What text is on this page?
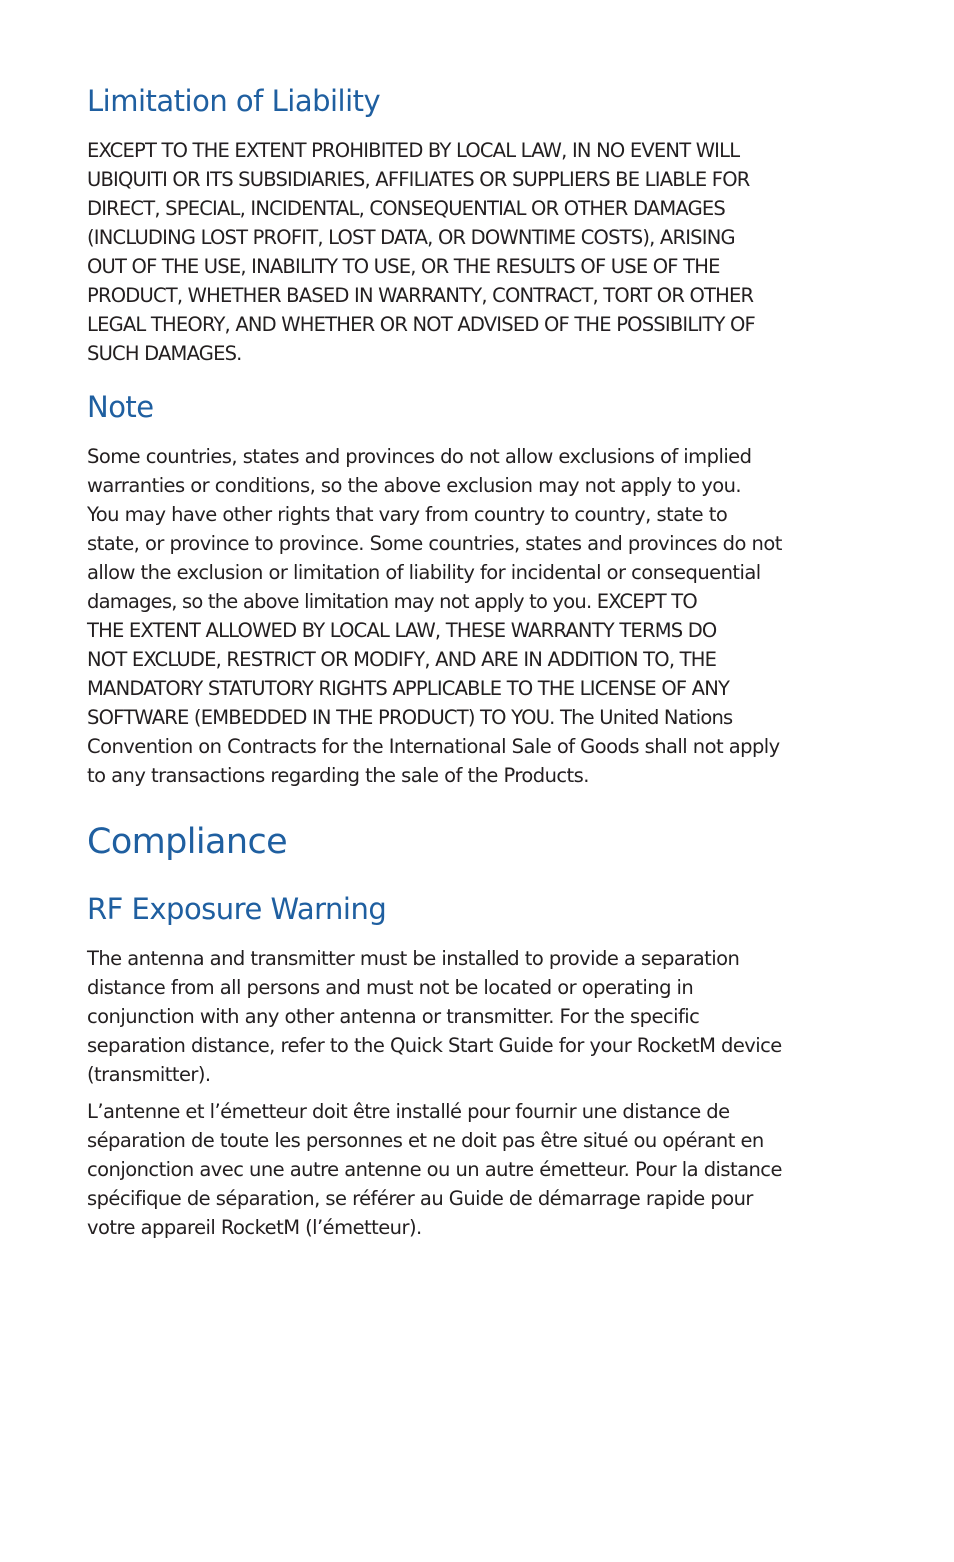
Limitation of Liability

EXCEPT TO THE EXTENT PROHIBITED BY LOCAL LAW, IN NO EVENT WILL
UBIQUITI OR ITS SUBSIDIARIES, AFFILIATES OR SUPPLIERS BE LIABLE FOR
DIRECT, SPECIAL, INCIDENTAL, CONSEQUENTIAL OR OTHER DAMAGES
(INCLUDING LOST PROFIT, LOST DATA, OR DOWNTIME COSTS), ARISING
OUT OF THE USE, INABILITY TO USE, OR THE RESULTS OF USE OF THE
PRODUCT, WHETHER BASED IN WARRANTY, CONTRACT, TORT OR OTHER
LEGAL THEORY, AND WHETHER OR NOT ADVISED OF THE POSSIBILITY OF
SUCH DAMAGES.

Note

Some countries, states and provinces do not allow exclusions of implied
warranties or conditions, so the above exclusion may not apply to you.
You may have other rights that vary from country to country, state to
state, or province to province. Some countries, states and provinces do not
allow the exclusion or limitation of liability for incidental or consequential
damages, so the above limitation may not apply to you. EXCEPT TO
THE EXTENT ALLOWED BY LOCAL LAW, THESE WARRANTY TERMS DO
NOT EXCLUDE, RESTRICT OR MODIFY, AND ARE IN ADDITION TO, THE
MANDATORY STATUTORY RIGHTS APPLICABLE TO THE LICENSE OF ANY
SOFTWARE (EMBEDDED IN THE PRODUCT) TO YOU. The United Nations
Convention on Contracts for the International Sale of Goods shall not apply
to any transactions regarding the sale of the Products.

Compliance
RF Exposure Warning

The antenna and transmitter must be installed to provide a separation
distance from all persons and must not be located or operating in
conjunction with any other antenna or transmitter. For the specific
separation distance, refer to the Quick Start Guide for your RocketM device
(transmitter).

L’antenne et l’émetteur doit être installé pour fournir une distance de
séparation de toute les personnes et ne doit pas être situé ou opérant en
conjonction avec une autre antenne ou un autre émetteur. Pour la distance
spécifique de séparation, se référer au Guide de démarrage rapide pour
votre appareil RocketM (l’émetteur).
